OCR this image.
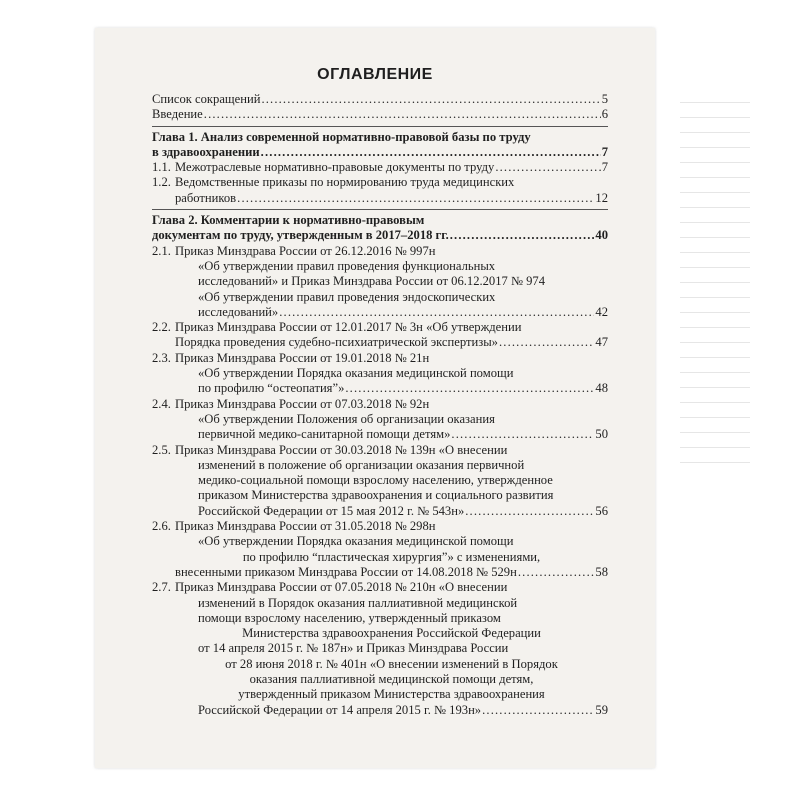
ОГЛАВЛЕНИЕ
Список сокращений . . .	5
Введение . . .	6
Глава 1. Анализ современной нормативно-правовой базы по труду
в здравоохранении . . .	7
1.1. Межотраслевые нормативно-правовые документы по труду . . .	7
1.2. Ведомственные приказы по нормированию труда медицинских
работников . . .	12
Глава 2. Комментарии к нормативно-правовым
документам по труду, утвержденным в 2017–2018 гг. . . .	40
2.1. Приказ Минздрава России от 26.12.2016 № 997н
«Об утверждении правил проведения функциональных
исследований» и Приказ Минздрава России от 06.12.2017 № 974
«Об утверждении правил проведения эндоскопических
исследований» . . .	42
2.2. Приказ Минздрава России от 12.01.2017 № 3н «Об утверждении
Порядка проведения судебно-психиатрической экспертизы» . . .	47
2.3. Приказ Минздрава России от 19.01.2018 № 21н
«Об утверждении Порядка оказания медицинской помощи
по профилю “остеопатия”» . . .	48
2.4. Приказ Минздрава России от 07.03.2018 № 92н
«Об утверждении Положения об организации оказания
первичной медико-санитарной помощи детям» . . .	50
2.5. Приказ Минздрава России от 30.03.2018 № 139н «О внесении
изменений в положение об организации оказания первичной
медико-социальной помощи взрослому населению, утвержденное
приказом Министерства здравоохранения и социального развития
Российской Федерации от 15 мая 2012 г. № 543н» . . .	56
2.6. Приказ Минздрава России от 31.05.2018 № 298н
«Об утверждении Порядка оказания медицинской помощи
по профилю “пластическая хирургия”» с изменениями,
внесенными приказом Минздрава России от 14.08.2018 № 529н . . .	58
2.7. Приказ Минздрава России от 07.05.2018 № 210н «О внесении
изменений в Порядок оказания паллиативной медицинской
помощи взрослому населению, утвержденный приказом
Министерства здравоохранения Российской Федерации
от 14 апреля 2015 г. № 187н» и Приказ Минздрава России
от 28 июня 2018 г. № 401н «О внесении изменений в Порядок
оказания паллиативной медицинской помощи детям,
утвержденный приказом Министерства здравоохранения
Российской Федерации от 14 апреля 2015 г. № 193н» . . .	59
